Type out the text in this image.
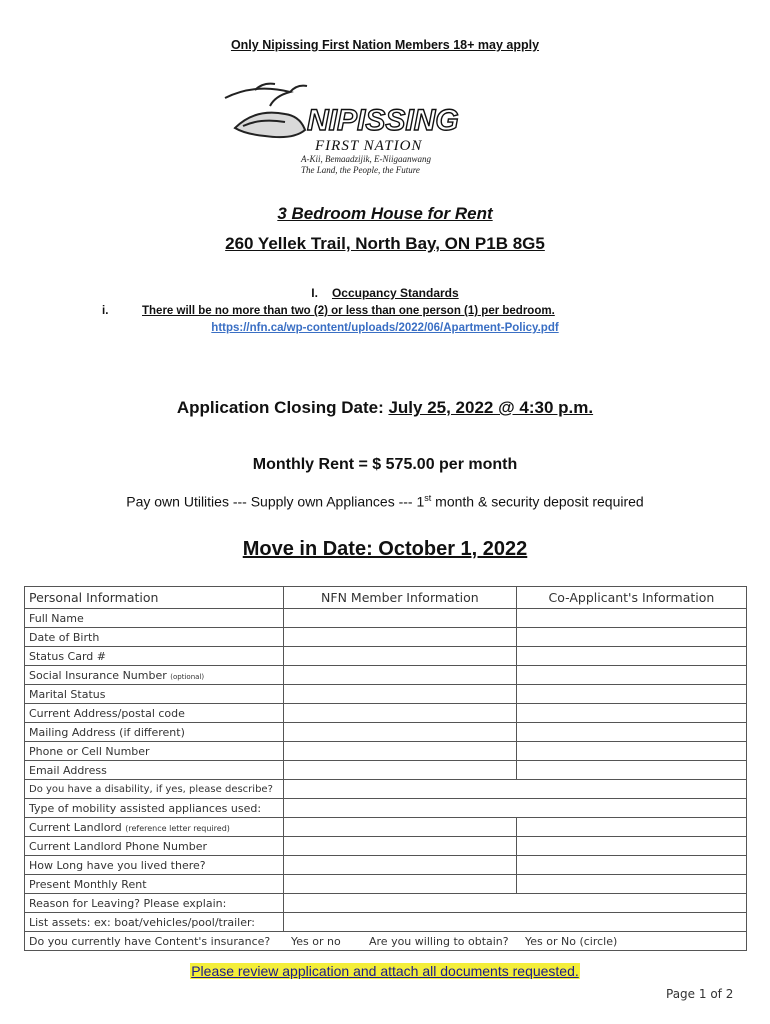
Only Nipissing First Nation Members 18+ may apply
NIPISSING
FIRST NATION
A-Kii, Bemaadzijik, E-Niigaanwang
The Land, the People, the Future
3 Bedroom House for Rent
260 Yellek Trail, North Bay, ON P1B 8G5
I. Occupancy Standards
i.	There will be no more than two (2) or less than one person (1) per bedroom.
https://nfn.ca/wp-content/uploads/2022/06/Apartment-Policy.pdf
Application Closing Date: July 25, 2022 @ 4:30 p.m.
Monthly Rent = $ 575.00 per month
Pay own Utilities --- Supply own Appliances --- 1st month & security deposit required
Move in Date: October 1, 2022
Personal Information	NFN Member Information	Co-Applicant's Information
Full Name		
Date of Birth		
Status Card #		
Social Insurance Number (optional)		
Marital Status		
Current Address/postal code		
Mailing Address (if different)		
Phone or Cell Number		
Email Address		
Do you have a disability, if yes, please describe?		
Type of mobility assisted appliances used:		
Current Landlord (reference letter required)		
Current Landlord Phone Number		
How Long have you lived there?		
Present Monthly Rent		
Reason for Leaving? Please explain:		
List assets: ex: boat/vehicles/pool/trailer:		
Do you currently have Content's insurance? Yes or no Are you willing to obtain? Yes or No (circle)		
Please review application and attach all documents requested.
Page 1 of 2
